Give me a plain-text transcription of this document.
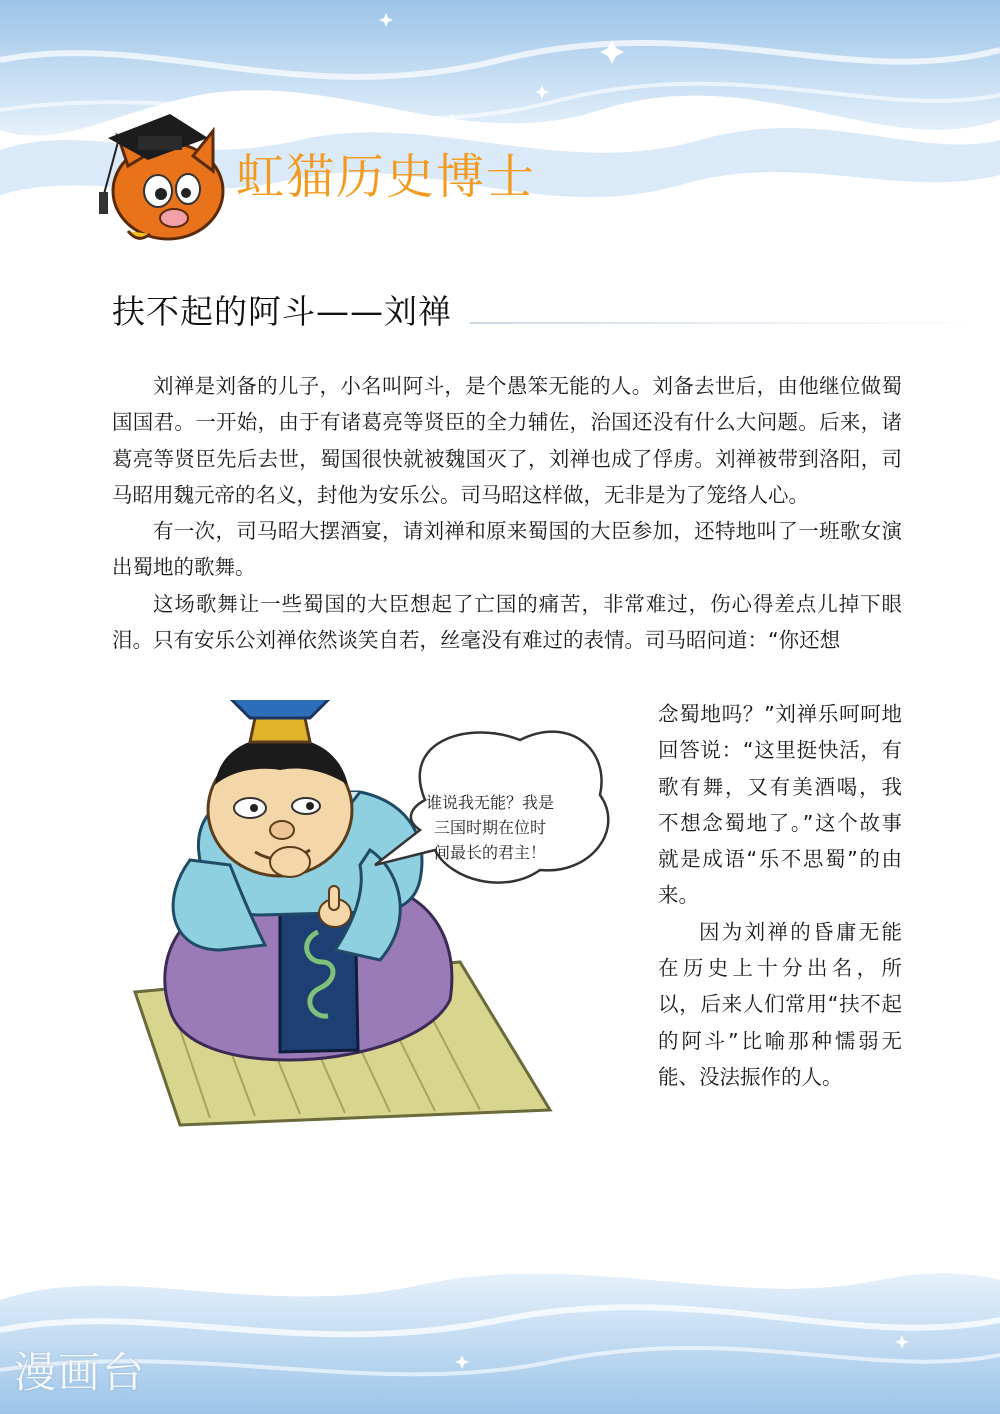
虹猫历史博士
扶不起的阿斗——刘禅

刘禅是刘备的儿子，小名叫阿斗，是个愚笨无能的人。刘备去世后，由他继位做蜀国国君。一开始，由于有诸葛亮等贤臣的全力辅佐，治国还没有什么大问题。后来，诸葛亮等贤臣先后去世，蜀国很快就被魏国灭了，刘禅也成了俘虏。刘禅被带到洛阳，司马昭用魏元帝的名义，封他为安乐公。司马昭这样做，无非是为了笼络人心。

有一次，司马昭大摆酒宴，请刘禅和原来蜀国的大臣参加，还特地叫了一班歌女演出蜀地的歌舞。

这场歌舞让一些蜀国的大臣想起了亡国的痛苦，非常难过，伤心得差点儿掉下眼泪。只有安乐公刘禅依然谈笑自若，丝毫没有难过的表情。司马昭问道：“你还想

谁说我无能？我是
三国时期在位时
间最长的君主！

念蜀地吗？”刘禅乐呵呵地回答说：“这里挺快活，有歌有舞，又有美酒喝，我不想念蜀地了。”这个故事就是成语“乐不思蜀”的由来。

因为刘禅的昏庸无能在历史上十分出名，所以，后来人们常用“扶不起的阿斗”比喻那种懦弱无能、没法振作的人。

漫画台
